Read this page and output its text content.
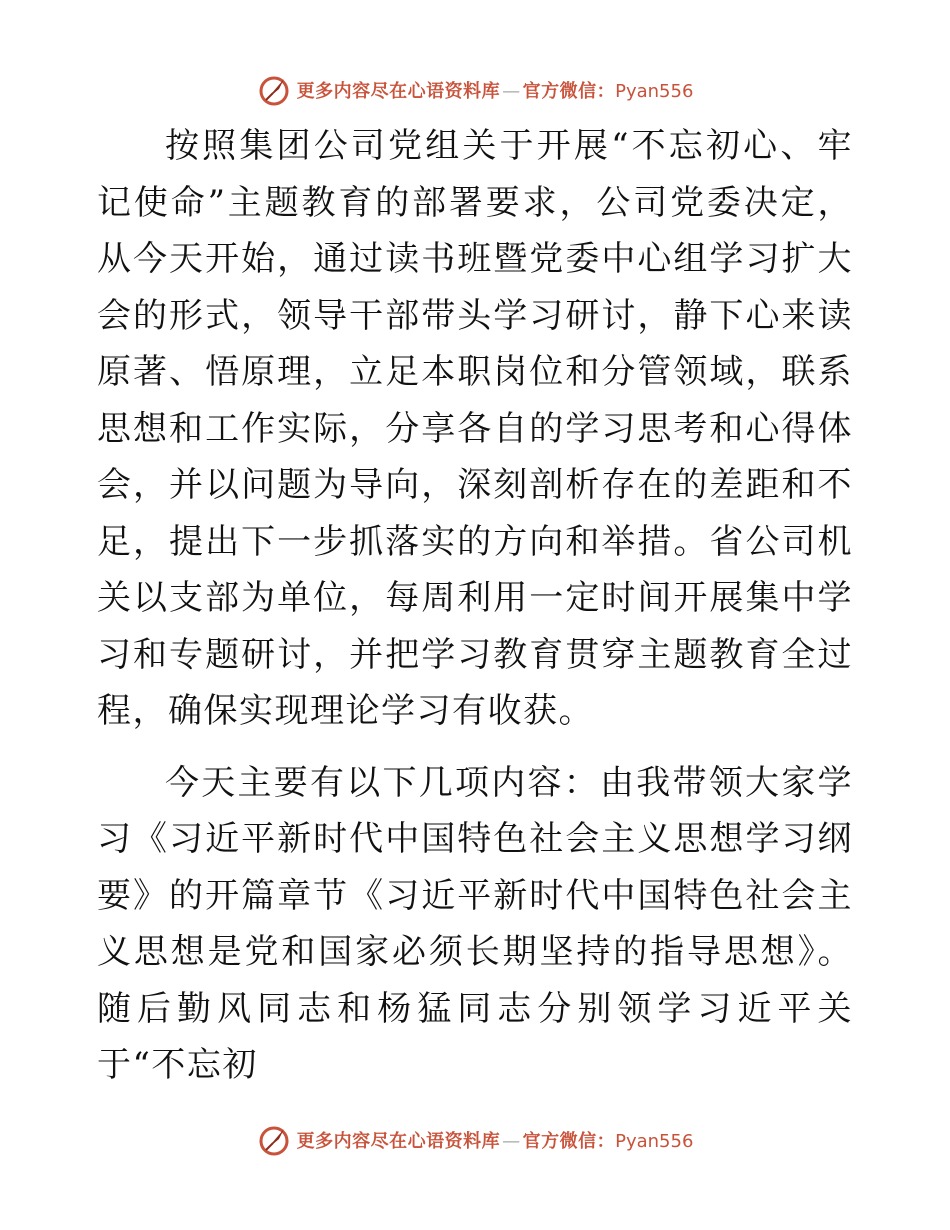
更多内容尽在心语资料库 — 官方微信：Pyan556

按照集团公司党组关于开展“不忘初心、牢记使命”主题教育的部署要求，公司党委决定，从今天开始，通过读书班暨党委中心组学习扩大会的形式，领导干部带头学习研讨，静下心来读原著、悟原理，立足本职岗位和分管领域，联系思想和工作实际，分享各自的学习思考和心得体会，并以问题为导向，深刻剖析存在的差距和不足，提出下一步抓落实的方向和举措。省公司机关以支部为单位，每周利用一定时间开展集中学习和专题研讨，并把学习教育贯穿主题教育全过程，确保实现理论学习有收获。

今天主要有以下几项内容：由我带领大家学习《习近平新时代中国特色社会主义思想学习纲要》的开篇章节《习近平新时代中国特色社会主义思想是党和国家必须长期坚持的指导思想》。随后勤风同志和杨猛同志分别领学习近平关于“不忘初

更多内容尽在心语资料库 — 官方微信：Pyan556
